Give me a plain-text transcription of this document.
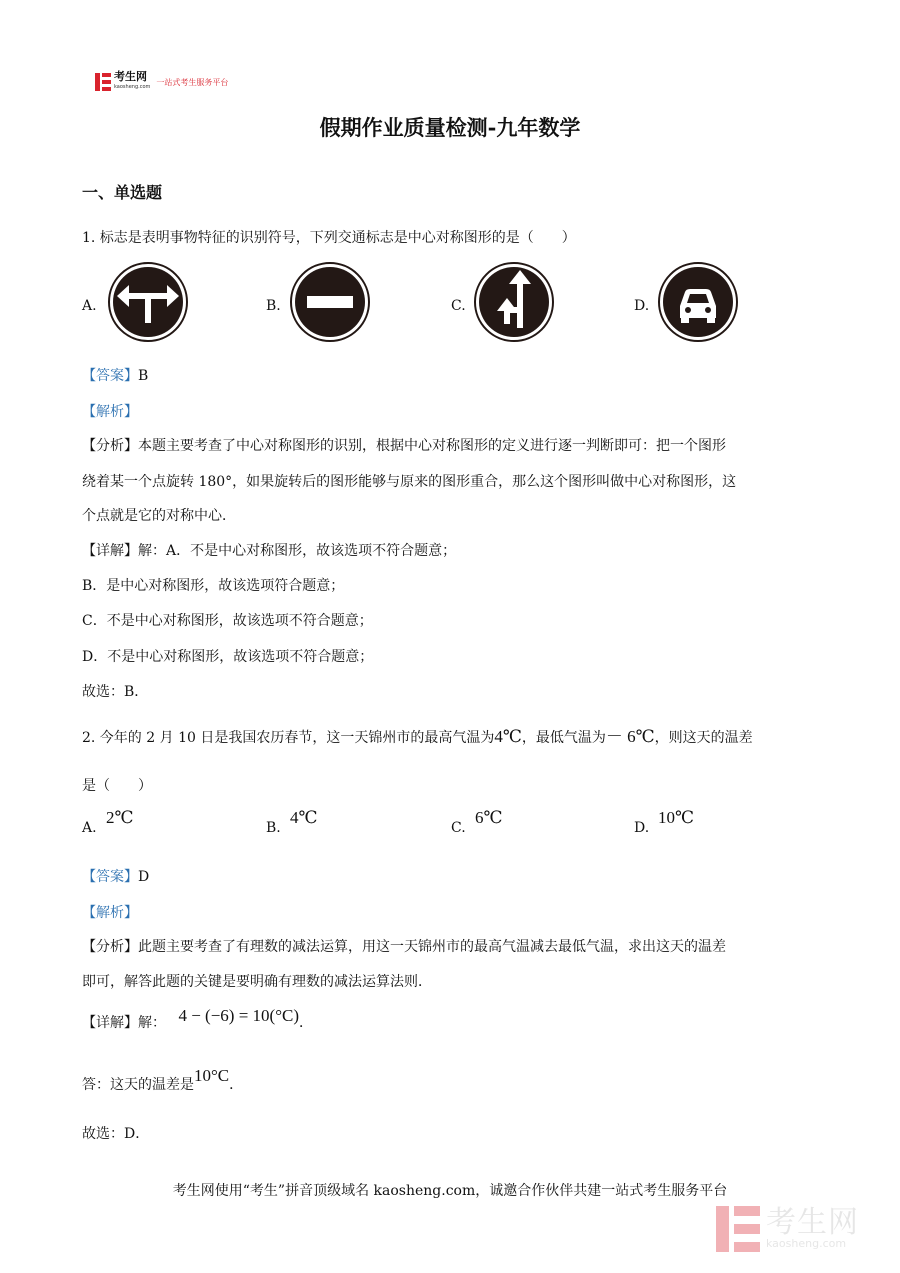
考生网
kaosheng.com
一站式考生服务平台
假期作业质量检测-九年数学
一、单选题
1. 标志是表明事物特征的识别符号，下列交通标志是中心对称图形的是（　　）
A.	B.	C.	D.
【答案】B
【解析】
【分析】本题主要考查了中心对称图形的识别，根据中心对称图形的定义进行逐一判断即可：把一个图形
绕着某一个点旋转 180°，如果旋转后的图形能够与原来的图形重合，那么这个图形叫做中心对称图形，这
个点就是它的对称中心．
【详解】解：A．不是中心对称图形，故该选项不符合题意；
B．是中心对称图形，故该选项符合题意；
C．不是中心对称图形，故该选项不符合题意；
D．不是中心对称图形，故该选项不符合题意；
故选：B．
2. 今年的 2 月 10 日是我国农历春节，这一天锦州市的最高气温为4℃，最低气温为－ 6℃，则这天的温差
是（　　）
A.
2℃
B.
4℃
C.
6℃
D.
10℃
【答案】D
【解析】
【分析】此题主要考查了有理数的减法运算，用这一天锦州市的最高气温减去最低气温，求出这天的温差
即可，解答此题的关键是要明确有理数的减法运算法则．
【详解】解： 4 − (−6) = 10(°C)．
答：这天的温差是10°C．
故选：D．
考生网使用“考生”拼音顶级域名 kaosheng.com，诚邀合作伙伴共建一站式考生服务平台
考生网
kaosheng.com
